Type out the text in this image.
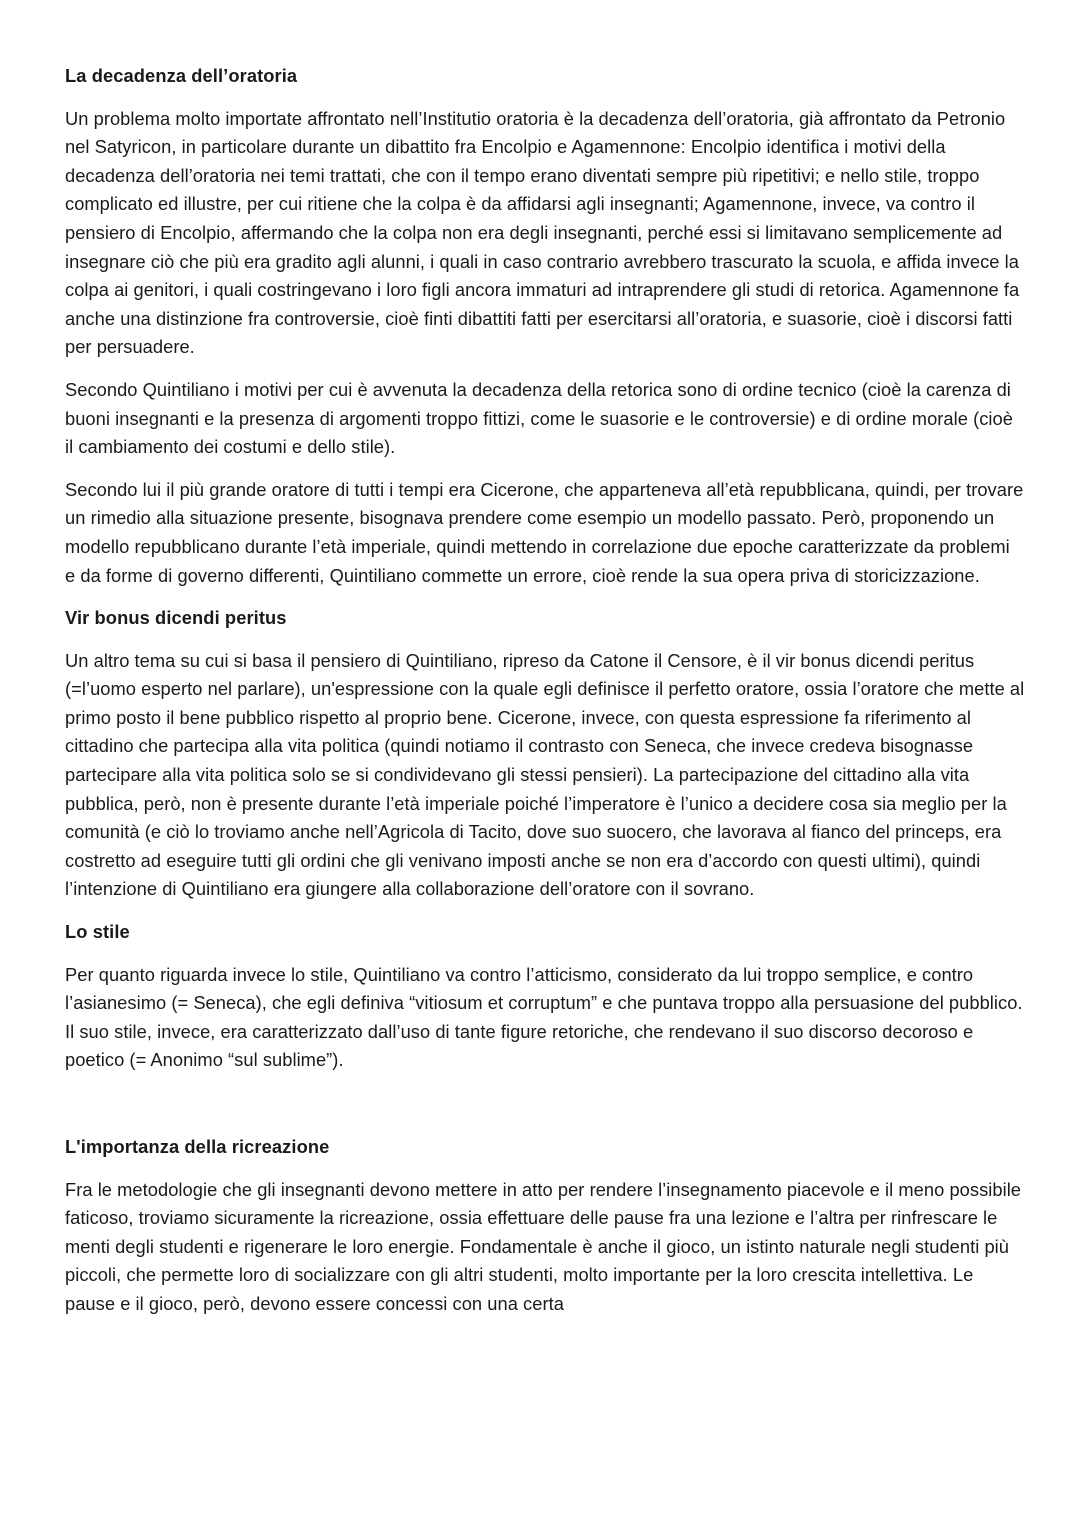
La decadenza dell’oratoria

Un problema molto importate affrontato nell’Institutio oratoria è la decadenza dell’oratoria, già affrontato da Petronio nel Satyricon, in particolare durante un dibattito fra Encolpio e Agamennone: Encolpio identifica i motivi della decadenza dell’oratoria nei temi trattati, che con il tempo erano diventati sempre più ripetitivi; e nello stile, troppo complicato ed illustre, per cui ritiene che la colpa è da affidarsi agli insegnanti; Agamennone, invece, va contro il pensiero di Encolpio, affermando che la colpa non era degli insegnanti, perché essi si limitavano semplicemente ad insegnare ciò che più era gradito agli alunni, i quali in caso contrario avrebbero trascurato la scuola, e affida invece la colpa ai genitori, i quali costringevano i loro figli ancora immaturi ad intraprendere gli studi di retorica. Agamennone fa anche una distinzione fra controversie, cioè finti dibattiti fatti per esercitarsi all’oratoria, e suasorie, cioè i discorsi fatti per persuadere.

Secondo Quintiliano i motivi per cui è avvenuta la decadenza della retorica sono di ordine tecnico (cioè la carenza di buoni insegnanti e la presenza di argomenti troppo fittizi, come le suasorie e le controversie) e di ordine morale (cioè il cambiamento dei costumi e dello stile).

Secondo lui il più grande oratore di tutti i tempi era Cicerone, che apparteneva all’età repubblicana, quindi, per trovare un rimedio alla situazione presente, bisognava prendere come esempio un modello passato. Però, proponendo un modello repubblicano durante l’età imperiale, quindi mettendo in correlazione due epoche caratterizzate da problemi e da forme di governo differenti, Quintiliano commette un errore, cioè rende la sua opera priva di storicizzazione.

Vir bonus dicendi peritus

Un altro tema su cui si basa il pensiero di Quintiliano, ripreso da Catone il Censore, è il vir bonus dicendi peritus (=l’uomo esperto nel parlare), un'espressione con la quale egli definisce il perfetto oratore, ossia l’oratore che mette al primo posto il bene pubblico rispetto al proprio bene. Cicerone, invece, con questa espressione fa riferimento al cittadino che partecipa alla vita politica (quindi notiamo il contrasto con Seneca, che invece credeva bisognasse partecipare alla vita politica solo se si condividevano gli stessi pensieri). La partecipazione del cittadino alla vita pubblica, però, non è presente durante l’età imperiale poiché l’imperatore è l’unico a decidere cosa sia meglio per la comunità (e ciò lo troviamo anche nell’Agricola di Tacito, dove suo suocero, che lavorava al fianco del princeps, era costretto ad eseguire tutti gli ordini che gli venivano imposti anche se non era d’accordo con questi ultimi), quindi l’intenzione di Quintiliano era giungere alla collaborazione dell’oratore con il sovrano.

Lo stile

Per quanto riguarda invece lo stile, Quintiliano va contro l’atticismo, considerato da lui troppo semplice, e contro l’asianesimo (= Seneca), che egli definiva “vitiosum et corruptum” e che puntava troppo alla persuasione del pubblico. Il suo stile, invece, era caratterizzato dall’uso di tante figure retoriche, che rendevano il suo discorso decoroso e poetico (= Anonimo “sul sublime”).

L'importanza della ricreazione

Fra le metodologie che gli insegnanti devono mettere in atto per rendere l’insegnamento piacevole e il meno possibile faticoso, troviamo sicuramente la ricreazione, ossia effettuare delle pause fra una lezione e l’altra per rinfrescare le menti degli studenti e rigenerare le loro energie. Fondamentale è anche il gioco, un istinto naturale negli studenti più piccoli, che permette loro di socializzare con gli altri studenti, molto importante per la loro crescita intellettiva. Le pause e il gioco, però, devono essere concessi con una certa
